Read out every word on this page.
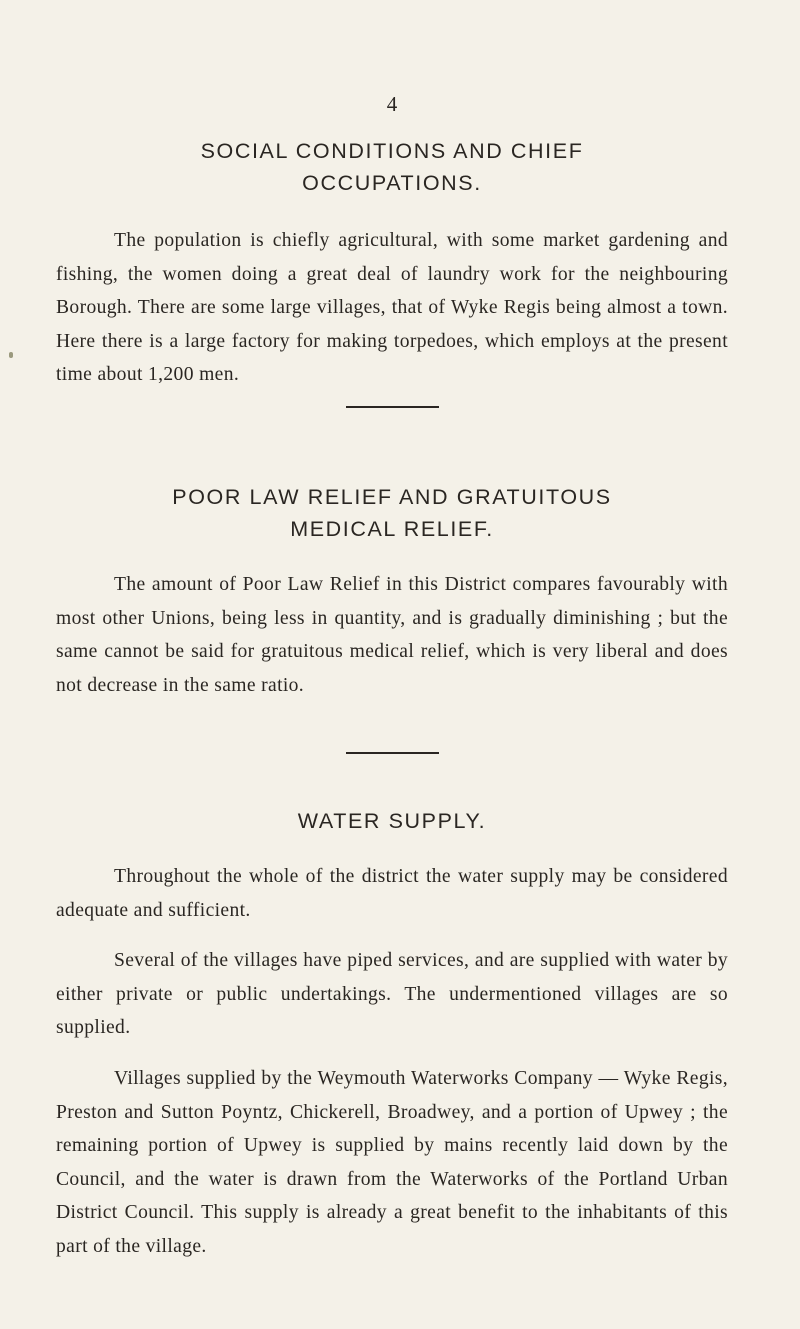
4
SOCIAL CONDITIONS AND CHIEF
OCCUPATIONS.

The population is chiefly agricultural, with some market gardening and fishing, the women doing a great deal of laundry work for the neighbouring Borough. There are some large villages, that of Wyke Regis being almost a town. Here there is a large factory for making torpedoes, which employs at the present time about 1,200 men.

POOR LAW RELIEF AND GRATUITOUS
MEDICAL RELIEF.

The amount of Poor Law Relief in this District compares favourably with most other Unions, being less in quantity, and is gradually diminishing ; but the same cannot be said for gratuitous medical relief, which is very liberal and does not decrease in the same ratio.

WATER SUPPLY.

Throughout the whole of the district the water supply may be considered adequate and sufficient.

Several of the villages have piped services, and are supplied with water by either private or public undertakings. The undermentioned villages are so supplied.

Villages supplied by the Weymouth Waterworks Company — Wyke Regis, Preston and Sutton Poyntz, Chickerell, Broadwey, and a portion of Upwey ; the remaining portion of Upwey is supplied by mains recently laid down by the Council, and the water is drawn from the Waterworks of the Portland Urban District Council. This supply is already a great benefit to the inhabitants of this part of the village.
